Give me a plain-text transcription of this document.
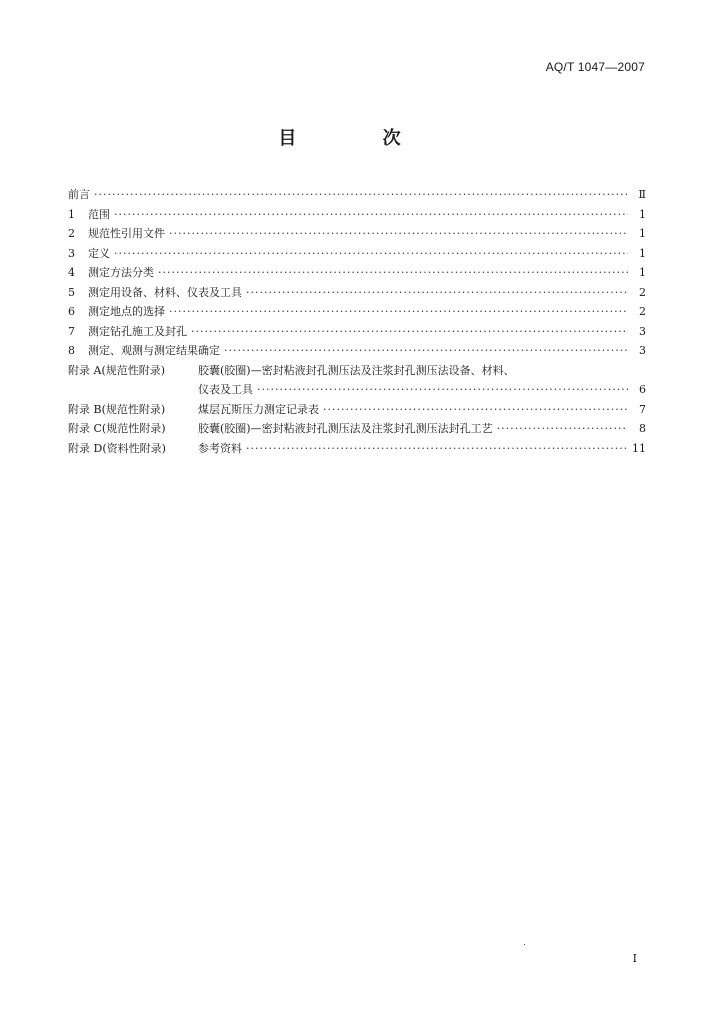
AQ/T 1047—2007
目 次
前言 ·····	Ⅱ
1	范围 ·····	1
2	规范性引用文件 ·····	1
3	定义 ·····	1
4	测定方法分类 ·····	1
5	测定用设备、材料、仪表及工具 ·····	2
6	测定地点的选择 ·····	2
7	测定钻孔施工及封孔 ·····	3
8	测定、观测与测定结果确定 ·····	3
附录 A(规范性附录)	胶囊(胶圈)—密封粘液封孔测压法及注浆封孔测压法设备、材料、
仪表及工具 ·····	6
附录 B(规范性附录)	煤层瓦斯压力测定记录表 ·····	7
附录 C(规范性附录)	胶囊(胶圈)—密封粘液封孔测压法及注浆封孔测压法封孔工艺 ·····	8
附录 D(资料性附录)	参考资料 ·····	11
I
